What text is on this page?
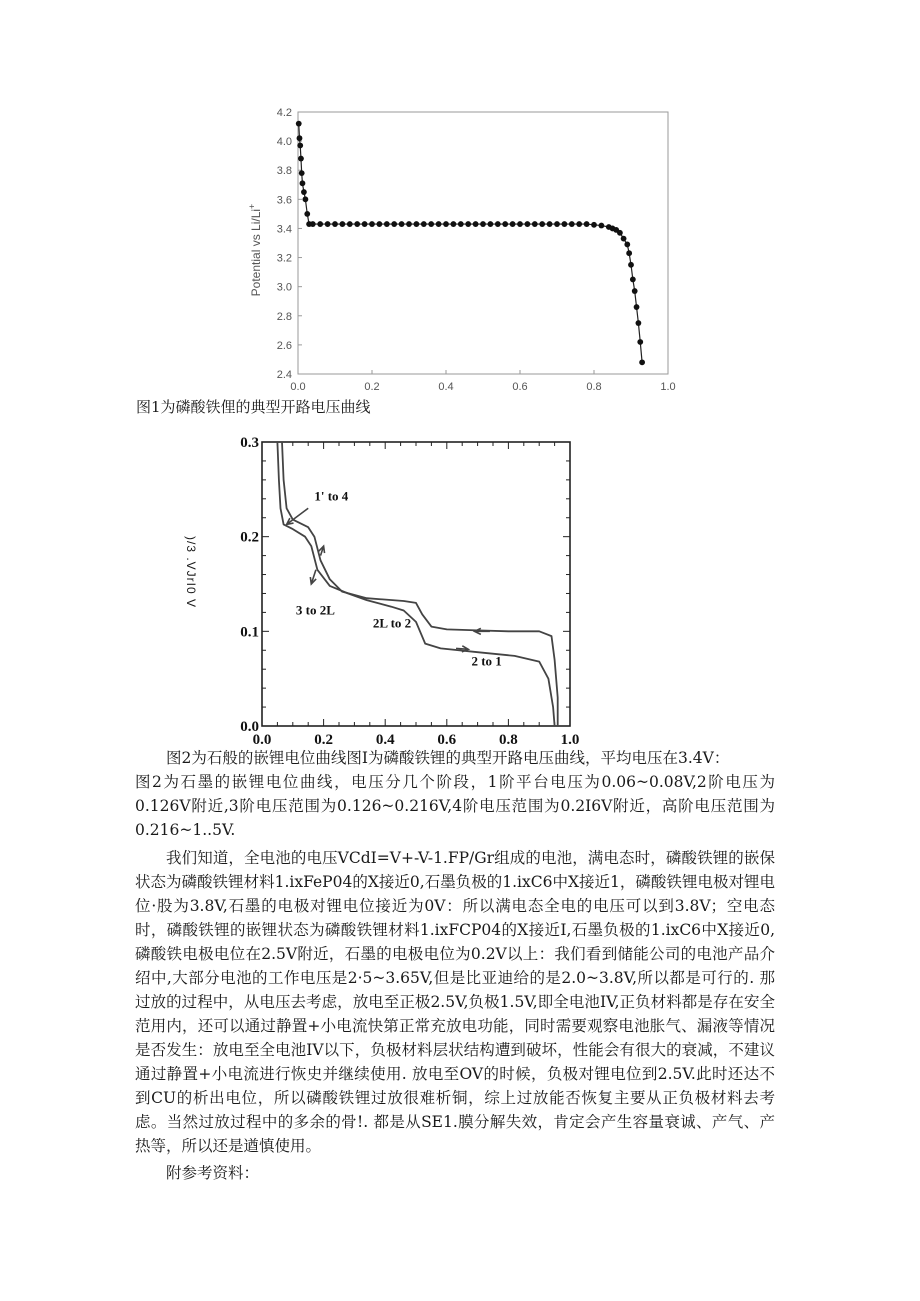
0.0	0.2	0.4	0.6	0.8	1.0
2.4
2.6
2.8
3.0
3.2
3.4
3.6
3.8
4.0
4.2
Potential vs Li/Li+
图1为磷酸铁俚的典型开路电压曲线
0.0	0.2	0.4	0.6	0.8	1.0
0.0
0.1
0.2
0.3
1' to 4
3 to 2L
2L to 2
2 to 1
)/3 .VJrI0 V
图2为石般的嵌锂电位曲线图I为磷酸铁锂的典型开路电压曲线，平均电压在3.4V：
图2为石墨的嵌锂电位曲线，电压分几个阶段，1阶平台电压为0.06~0.08V,2阶电压为0.126V附近,3阶电压范围为0.126~0.216V,4阶电压范围为0.2I6V附近，高阶电压范围为0.216~1..5V.
我们知道，全电池的电压VCdI=V+-V-1.FP/Gr组成的电池，满电态时，磷酸铁锂的嵌保状态为磷酸铁锂材料1.ixFeP04的X接近0,石墨负极的1.ixC6中X接近1，磷酸铁锂电极对锂电位·股为3.8V,石墨的电极对锂电位接近为0V：所以满电态全电的电压可以到3.8V；空电态时，磷酸铁锂的嵌锂状态为磷酸铁锂材料1.ixFCP04的X接近I,石墨负极的1.ixC6中X接近0,磷酸铁电极电位在2.5V附近，石墨的电极电位为0.2V以上：我们看到储能公司的电池产品介绍中,大部分电池的工作电压是2·5~3.65V,但是比亚迪给的是2.0~3.8V,所以都是可行的. 那过放的过程中，从电压去考虑，放电至正极2.5V,负极1.5V,即全电池IV,正负材料都是存在安全范用内，还可以通过静置+小电流快第正常充放电功能，同时需要观察电池胀气、漏液等情况是否发生：放电至全电池IV以下，负极材料层状结构遭到破坏，性能会有很大的衰减，不建议通过静置+小电流进行恢史并继续使用. 放电至OV的时候，负极对锂电位到2.5V.此时还达不到CU的析出电位，所以磷酸铁锂过放很难析铜，综上过放能否恢复主要从正负极材料去考虑。当然过放过程中的多余的骨!. 都是从SE1.膜分解失效，肯定会产生容量衰诚、产气、产热等，所以还是遒慎使用。
附参考资料：
